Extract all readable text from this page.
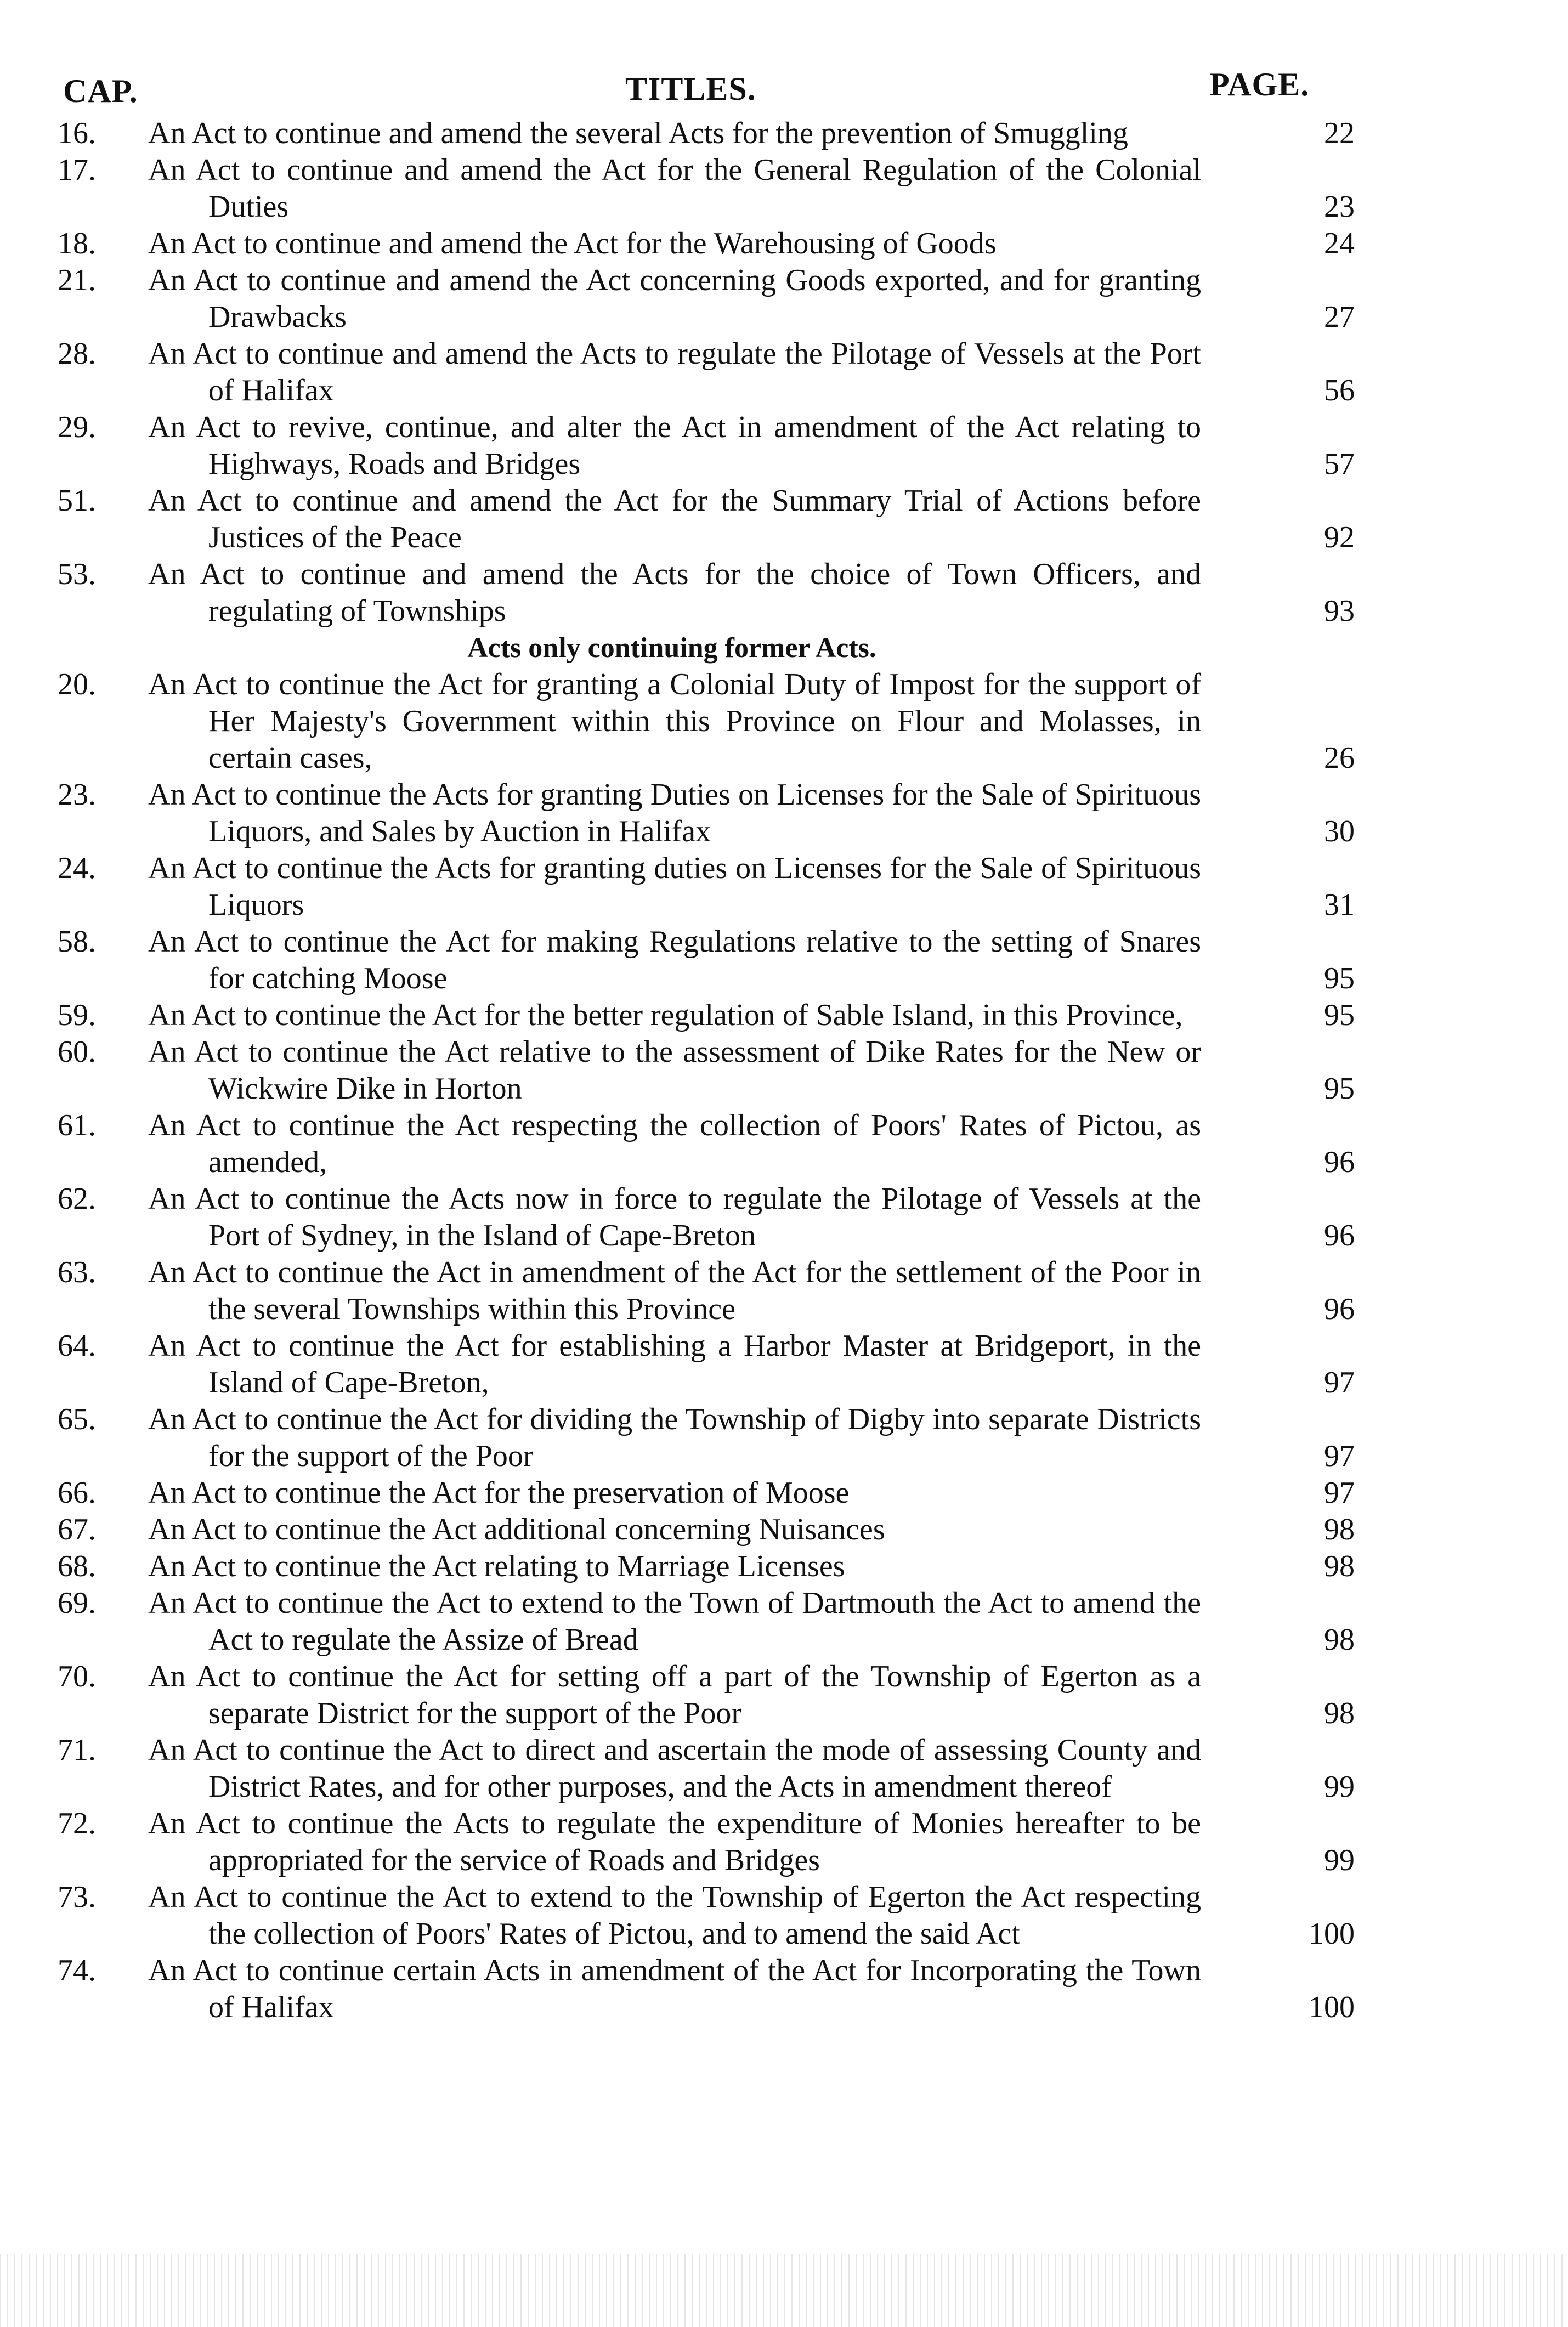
CAP.	TITLES.	PAGE.
16.	An Act to continue and amend the several Acts for the prevention of Smuggling	22
17.	An Act to continue and amend the Act for the General Regulation of the Colonial Duties	23
18.	An Act to continue and amend the Act for the Warehousing of Goods	24
21.	An Act to continue and amend the Act concerning Goods exported, and for granting Drawbacks	27
28.	An Act to continue and amend the Acts to regulate the Pilotage of Vessels at the Port of Halifax	56
29.	An Act to revive, continue, and alter the Act in amendment of the Act relating to Highways, Roads and Bridges	57
51.	An Act to continue and amend the Act for the Summary Trial of Actions before Justices of the Peace	92
53.	An Act to continue and amend the Acts for the choice of Town Officers, and regulating of Townships	93
Acts only continuing former Acts.
20.	An Act to continue the Act for granting a Colonial Duty of Impost for the support of Her Majesty's Government within this Province on Flour and Molasses, in certain cases,	26
23.	An Act to continue the Acts for granting Duties on Licenses for the Sale of Spirituous Liquors, and Sales by Auction in Halifax	30
24.	An Act to continue the Acts for granting duties on Licenses for the Sale of Spirituous Liquors	31
58.	An Act to continue the Act for making Regulations relative to the setting of Snares for catching Moose	95
59.	An Act to continue the Act for the better regulation of Sable Island, in this Province,	95
60.	An Act to continue the Act relative to the assessment of Dike Rates for the New or Wickwire Dike in Horton	95
61.	An Act to continue the Act respecting the collection of Poors' Rates of Pictou, as amended,	96
62.	An Act to continue the Acts now in force to regulate the Pilotage of Vessels at the Port of Sydney, in the Island of Cape-Breton	96
63.	An Act to continue the Act in amendment of the Act for the settlement of the Poor in the several Townships within this Province	96
64.	An Act to continue the Act for establishing a Harbor Master at Bridgeport, in the Island of Cape-Breton,	97
65.	An Act to continue the Act for dividing the Township of Digby into separate Districts for the support of the Poor	97
66.	An Act to continue the Act for the preservation of Moose	97
67.	An Act to continue the Act additional concerning Nuisances	98
68.	An Act to continue the Act relating to Marriage Licenses	98
69.	An Act to continue the Act to extend to the Town of Dartmouth the Act to amend the Act to regulate the Assize of Bread	98
70.	An Act to continue the Act for setting off a part of the Township of Egerton as a separate District for the support of the Poor	98
71.	An Act to continue the Act to direct and ascertain the mode of assessing County and District Rates, and for other purposes, and the Acts in amendment thereof	99
72.	An Act to continue the Acts to regulate the expenditure of Monies hereafter to be appropriated for the service of Roads and Bridges	99
73.	An Act to continue the Act to extend to the Township of Egerton the Act respecting the collection of Poors' Rates of Pictou, and to amend the said Act	100
74.	An Act to continue certain Acts in amendment of the Act for Incorporating the Town of Halifax	100
